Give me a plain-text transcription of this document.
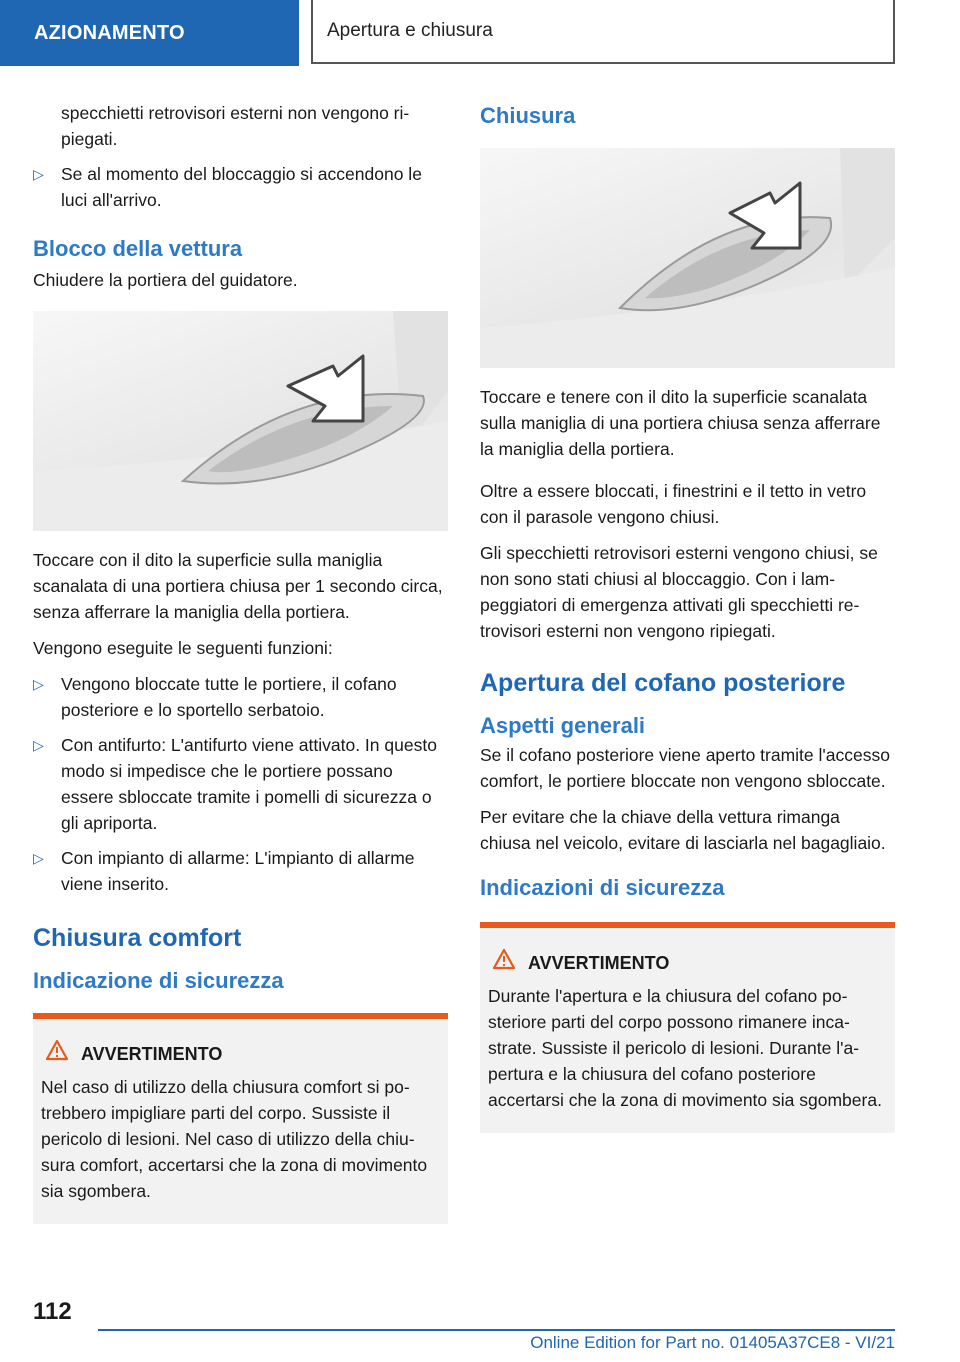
AZIONAMENTO	Apertura e chiusura

specchietti retrovisori esterni non vengono ripiegati.

▷ Se al momento del bloccaggio si accendono le luci all'arrivo.
Blocco della vettura

Chiudere la portiera del guidatore.

Toccare con il dito la superficie sulla maniglia scanalata di una portiera chiusa per 1 secondo circa, senza afferrare la maniglia della portiera.

Vengono eseguite le seguenti funzioni:

▷ Vengono bloccate tutte le portiere, il cofano posteriore e lo sportello serbatoio.
▷ Con antifurto: L'antifurto viene attivato. In questo modo si impedisce che le portiere possano essere sbloccate tramite i pomelli di sicurezza o gli apriporta.
▷ Con impianto di allarme: L'impianto di allarme viene inserito.
Chiusura comfort
Indicazione di sicurezza
AVVERTIMENTO
Nel caso di utilizzo della chiusura comfort si potrebbero impigliare parti del corpo. Sussiste il pericolo di lesioni. Nel caso di utilizzo della chiusura comfort, accertarsi che la zona di movimento sia sgombera.
Chiusura

Toccare e tenere con il dito la superficie scanalata sulla maniglia di una portiera chiusa senza afferrare la maniglia della portiera.

Oltre a essere bloccati, i finestrini e il tetto in vetro con il parasole vengono chiusi.

Gli specchietti retrovisori esterni vengono chiusi, se non sono stati chiusi al bloccaggio. Con i lampeggiatori di emergenza attivati gli specchietti retrovisori esterni non vengono ripiegati.

Apertura del cofano posteriore
Aspetti generali

Se il cofano posteriore viene aperto tramite l'accesso comfort, le portiere bloccate non vengono sbloccate.

Per evitare che la chiave della vettura rimanga chiusa nel veicolo, evitare di lasciarla nel bagagliaio.

Indicazioni di sicurezza
AVVERTIMENTO
Durante l'apertura e la chiusura del cofano posteriore parti del corpo possono rimanere incastrate. Sussiste il pericolo di lesioni. Durante l'apertura e la chiusura del cofano posteriore accertarsi che la zona di movimento sia sgombera.
112
Online Edition for Part no. 01405A37CE8 - VI/21
